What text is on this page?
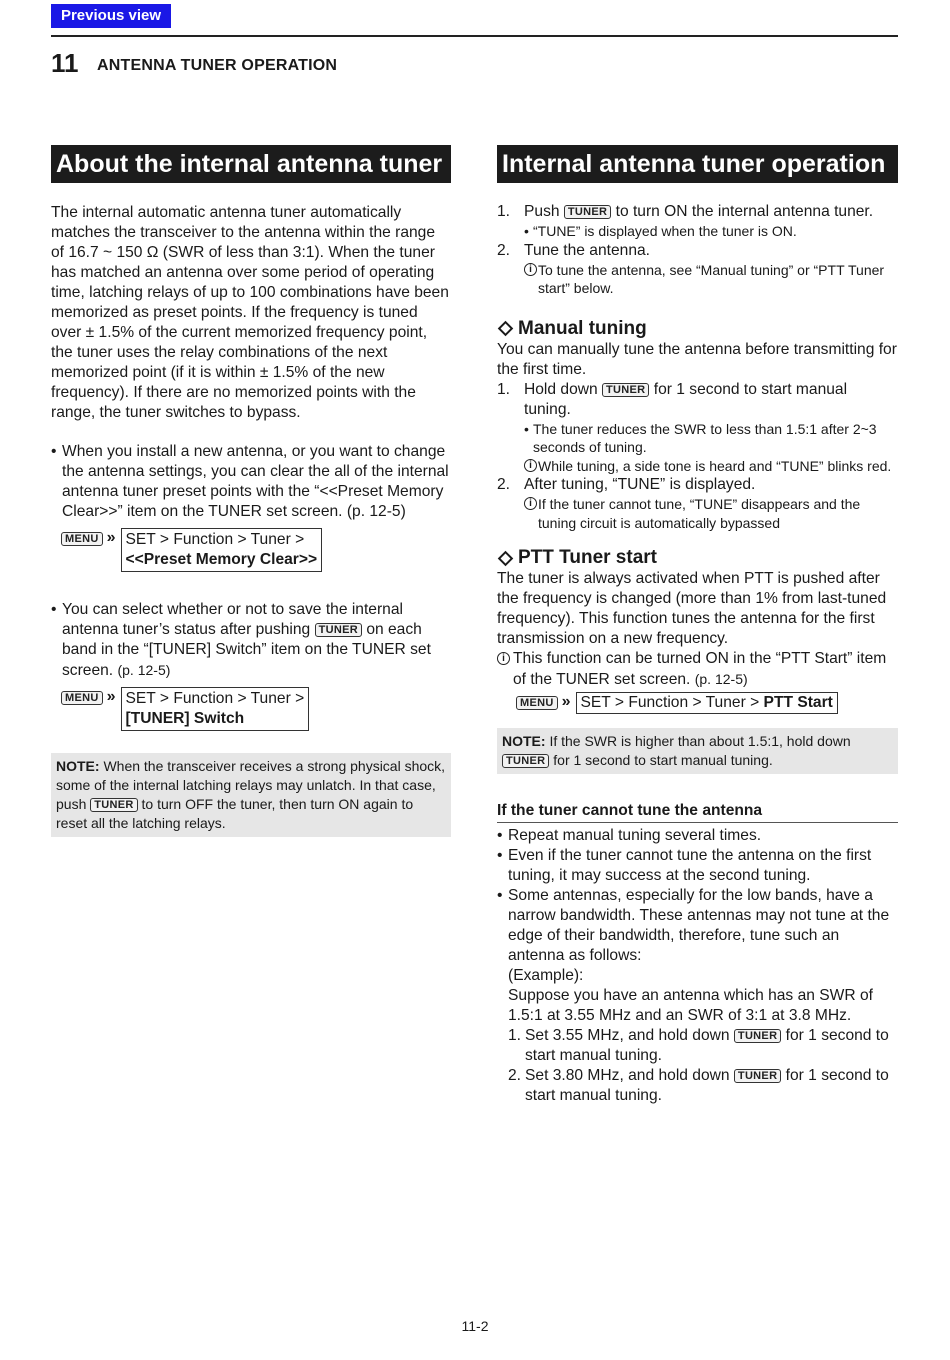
Previous view
11 ANTENNA TUNER OPERATION
About the internal antenna tuner

The internal automatic antenna tuner automatically matches the transceiver to the antenna within the range of 16.7 ~ 150 Ω (SWR of less than 3:1). When the tuner has matched an antenna over some period of operating time, latching relays of up to 100 combinations have been memorized as preset points. If the frequency is tuned over ± 1.5% of the current memorized frequency point, the tuner uses the relay combinations of the next memorized point (if it is within ± 1.5% of the new frequency). If there are no memorized points with the range, the tuner switches to bypass.

• When you install a new antenna, or you want to change the antenna settings, you can clear the all of the internal antenna tuner preset points with the “<<Preset Memory Clear>>” item on the TUNER set screen. (p. 12-5)
MENU » SET > Function > Tuner >
<<Preset Memory Clear>>
• You can select whether or not to save the internal antenna tuner’s status after pushing TUNER on each band in the “[TUNER] Switch” item on the TUNER set screen. (p. 12-5)
MENU » SET > Function > Tuner >
[TUNER] Switch
NOTE: When the transceiver receives a strong physical shock, some of the internal latching relays may unlatch. In that case, push TUNER to turn OFF the tuner, then turn ON again to reset all the latching relays.
Internal antenna tuner operation
1. Push TUNER to turn ON the internal antenna tuner.
• “TUNE” is displayed when the tuner is ON.
2. Tune the antenna.
i To tune the antenna, see “Manual tuning” or “PTT Tuner start” below.
Manual tuning

You can manually tune the antenna before transmitting for the first time.

1. Hold down TUNER for 1 second to start manual tuning.
• The tuner reduces the SWR to less than 1.5:1 after 2~3 seconds of tuning.
i While tuning, a side tone is heard and “TUNE” blinks red.
2. After tuning, “TUNE” is displayed.
i If the tuner cannot tune, “TUNE” disappears and the tuning circuit is automatically bypassed
PTT Tuner start

The tuner is always activated when PTT is pushed after the frequency is changed (more than 1% from last-tuned frequency). This function tunes the antenna for the first transmission on a new frequency.

i This function can be turned ON in the “PTT Start” item of the TUNER set screen. (p. 12-5)
MENU » SET > Function > Tuner > PTT Start
NOTE: If the SWR is higher than about 1.5:1, hold down TUNER for 1 second to start manual tuning.
If the tuner cannot tune the antenna
• Repeat manual tuning several times.
• Even if the tuner cannot tune the antenna on the first tuning, it may success at the second tuning.
• Some antennas, especially for the low bands, have a narrow bandwidth. These antennas may not tune at the edge of their bandwidth, therefore, tune such an antenna as follows:
(Example):
Suppose you have an antenna which has an SWR of 1.5:1 at 3.55 MHz and an SWR of 3:1 at 3.8 MHz.
1. Set 3.55 MHz, and hold down TUNER for 1 second to start manual tuning.
2. Set 3.80 MHz, and hold down TUNER for 1 second to start manual tuning.
11-2
